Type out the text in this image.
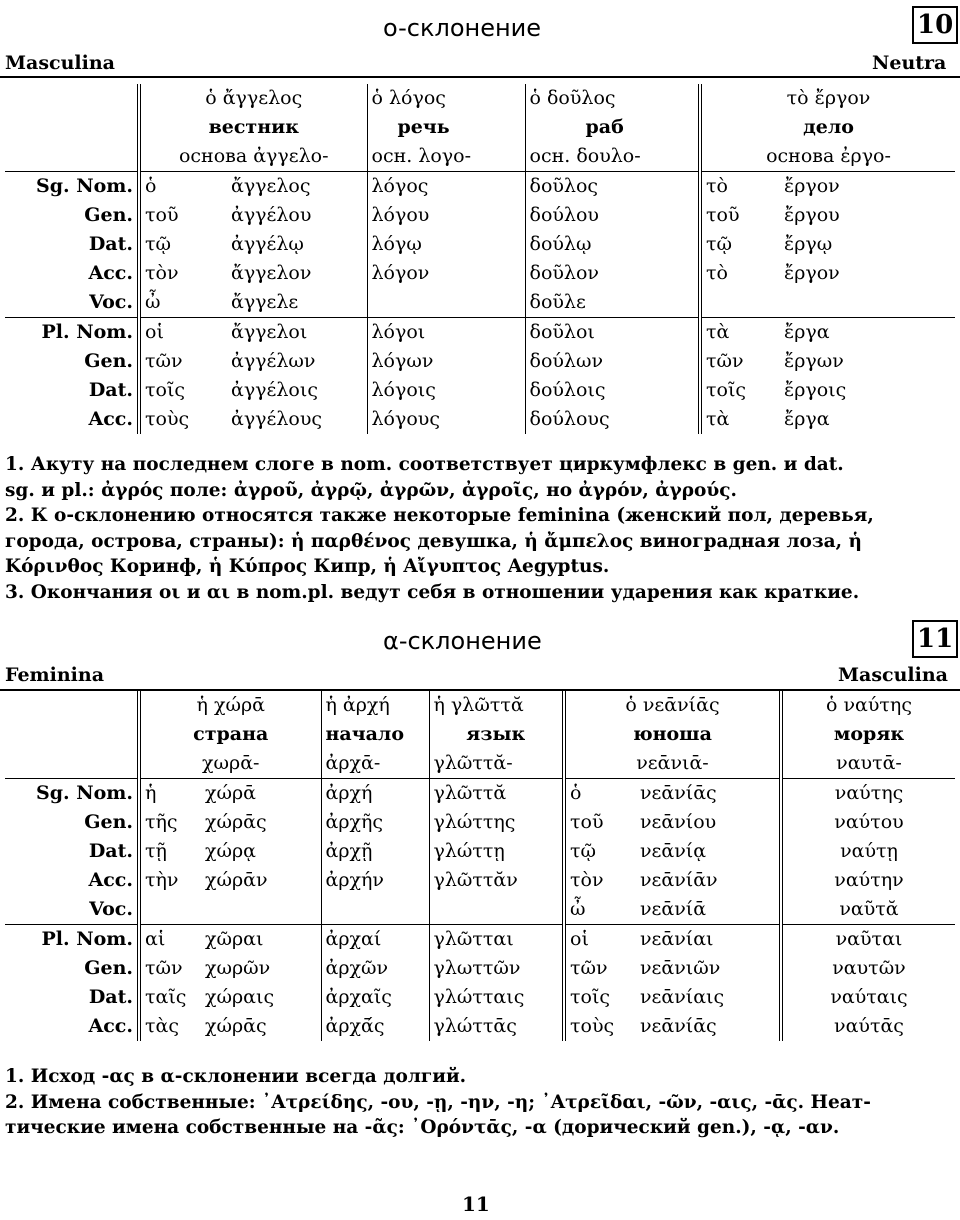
o-склонение	10
Masculina	Neutra
	ὁ ἄγγελος		ὁ λόγος	ὁ δοῦλος	τὸ ἔργον	
	вестник		речь	раб	дело	
	основа ἀγγελο-		осн. λογο-	осн. δουλο-	основа ἐργο-	
Sg. Nom.	ὁ	ἄγγελος	λόγος	δοῦλος	τὸ	ἔργον
Gen.	τοῦ	ἀγγέλου	λόγου	δούλου	τοῦ	ἔργου
Dat.	τῷ	ἀγγέλῳ	λόγῳ	δούλῳ	τῷ	ἔργῳ
Acc.	τὸν	ἄγγελον	λόγον	δοῦλον	τὸ	ἔργον
Voc.	ὦ	ἄγγελε		δοῦλε		
Pl. Nom.	οἱ	ἄγγελοι	λόγοι	δοῦλοι	τὰ	ἔργα
Gen.	τῶν	ἀγγέλων	λόγων	δούλων	τῶν	ἔργων
Dat.	τοῖς	ἀγγέλοις	λόγοις	δούλοις	τοῖς	ἔργοις
Acc.	τοὺς	ἀγγέλους	λόγους	δούλους	τὰ	ἔργα
1. Акуту на последнем слоге в nom. соответствует циркумфлекс в gen. и dat.
sg. и pl.: ἀγρός поле: ἀγροῦ, ἀγρῷ, ἀγρῶν, ἀγροῖς, но ἀγρόν, ἀγρούς.
2. К о-склонению относятся также некоторые feminina (женский пол, деревья,
города, острова, страны): ἡ παρθένος девушка, ἡ ἄμπελος виноградная лоза, ἡ
Κόρινθος Коринф, ἡ Κύπρος Кипр, ἡ Αἴγυπτος Aegyptus.
3. Окончания οι и αι в nom.pl. ведут себя в отношении ударения как краткие.
α-склонение	11
Feminina	Masculina
	ἡ χώρᾱ		ἡ ἀρχή	ἡ γλῶττᾰ	ὁ νεᾱνίᾱς		ὁ ναύτης
	страна		начало	язык	юноша		моряк
	χωρᾱ-		ἀρχᾱ-	γλῶττᾰ-	νεᾱνιᾱ-		ναυτᾱ-
Sg. Nom.	ἡ	χώρᾱ	ἀρχή	γλῶττᾰ	ὁ	νεᾱνίᾱς	ναύτης
Gen.	τῆς	χώρᾱς	ἀρχῆς	γλώττης	τοῦ	νεᾱνίου	ναύτου
Dat.	τῇ	χώρᾳ	ἀρχῇ	γλώττῃ	τῷ	νεᾱνίᾳ	ναύτῃ
Acc.	τὴν	χώρᾱν	ἀρχήν	γλῶττᾰν	τὸν	νεᾱνίᾱν	ναύτην
Voc.					ὦ	νεᾱνίᾱ	ναῦτᾰ
Pl. Nom.	αἱ	χῶραι	ἀρχαί	γλῶτται	οἱ	νεᾱνίαι	ναῦται
Gen.	τῶν	χωρῶν	ἀρχῶν	γλωττῶν	τῶν	νεᾱνιῶν	ναυτῶν
Dat.	ταῖς	χώραις	ἀρχαῖς	γλώτταις	τοῖς	νεᾱνίαις	ναύταις
Acc.	τὰς	χώρᾱς	ἀρχᾱ́ς	γλώττᾱς	τοὺς	νεᾱνίᾱς	ναύτᾱς
1. Исход -ας в α-склонении всегда долгий.
2. Имена собственные: ᾿Ατρείδης, -ου, -ῃ, -ην, -η; ᾿Ατρεῖδαι, -ῶν, -αις, -ᾱς. Неат-
тические имена собственные на -ᾶς: ᾿Ορόντᾱς, -α (дорический gen.), -ᾳ, -αν.
11
